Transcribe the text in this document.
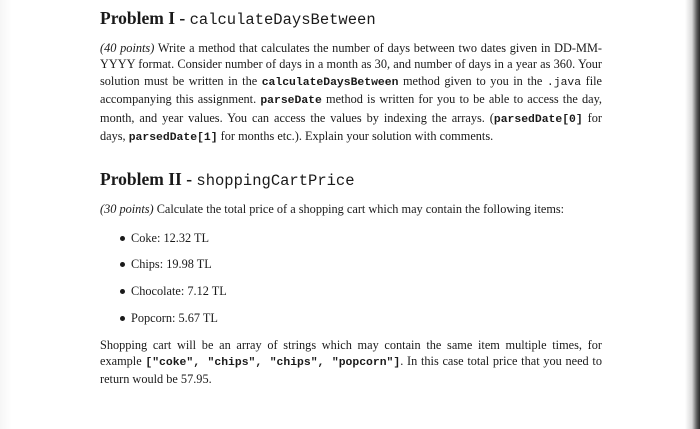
Problem I - calculateDaysBetween

(40 points) Write a method that calculates the number of days between two dates given in DD-MM-YYYY format. Consider number of days in a month as 30, and number of days in a year as 360. Your solution must be written in the calculateDaysBetween method given to you in the .java file accompanying this assignment. parseDate method is written for you to be able to access the day, month, and year values. You can access the values by indexing the arrays. (parsedDate[0] for days, parsedDate[1] for months etc.). Explain your solution with comments.

Problem II - shoppingCartPrice

(30 points) Calculate the total price of a shopping cart which may contain the following items:

Coke: 12.32 TL
Chips: 19.98 TL
Chocolate: 7.12 TL
Popcorn: 5.67 TL

Shopping cart will be an array of strings which may contain the same item multiple times, for example ["coke", "chips", "chips", "popcorn"]. In this case total price that you need to return would be 57.95.
